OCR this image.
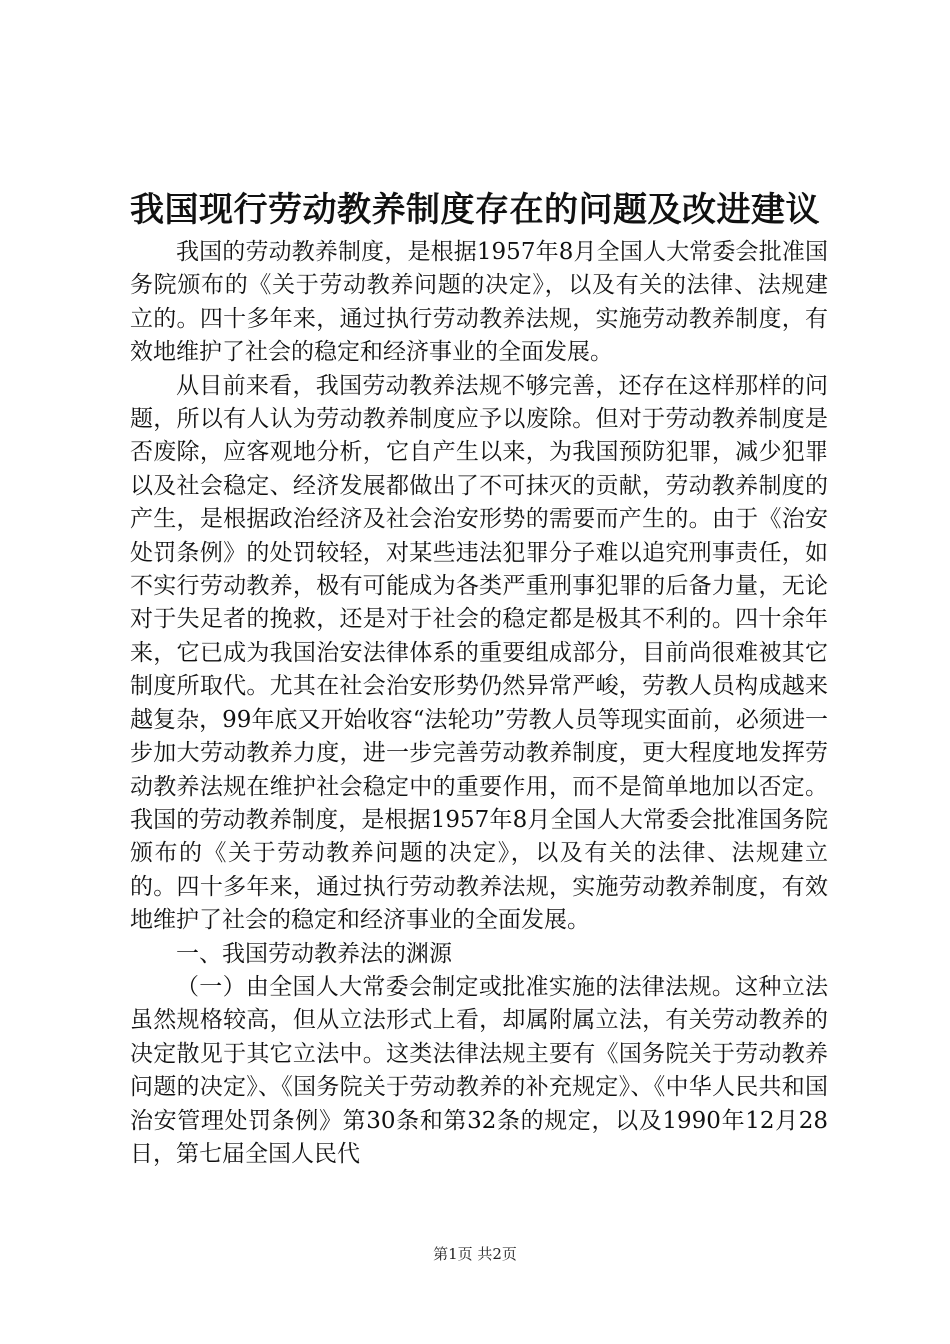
我国现行劳动教养制度存在的问题及改进建议

我国的劳动教养制度，是根据1957年8月全国人大常委会批准国务院颁布的《关于劳动教养问题的决定》，以及有关的法律、法规建立的。四十多年来，通过执行劳动教养法规，实施劳动教养制度，有效地维护了社会的稳定和经济事业的全面发展。

从目前来看，我国劳动教养法规不够完善，还存在这样那样的问题，所以有人认为劳动教养制度应予以废除。但对于劳动教养制度是否废除，应客观地分析，它自产生以来，为我国预防犯罪，减少犯罪以及社会稳定、经济发展都做出了不可抹灭的贡献，劳动教养制度的产生，是根据政治经济及社会治安形势的需要而产生的。由于《治安处罚条例》的处罚较轻，对某些违法犯罪分子难以追究刑事责任，如不实行劳动教养，极有可能成为各类严重刑事犯罪的后备力量，无论对于失足者的挽救，还是对于社会的稳定都是极其不利的。四十余年来，它已成为我国治安法律体系的重要组成部分，目前尚很难被其它制度所取代。尤其在社会治安形势仍然异常严峻，劳教人员构成越来越复杂，99年底又开始收容“法轮功”劳教人员等现实面前，必须进一步加大劳动教养力度，进一步完善劳动教养制度，更大程度地发挥劳动教养法规在维护社会稳定中的重要作用，而不是简单地加以否定。我国的劳动教养制度，是根据1957年8月全国人大常委会批准国务院颁布的《关于劳动教养问题的决定》，以及有关的法律、法规建立的。四十多年来，通过执行劳动教养法规，实施劳动教养制度，有效地维护了社会的稳定和经济事业的全面发展。

一、我国劳动教养法的渊源

（一）由全国人大常委会制定或批准实施的法律法规。这种立法虽然规格较高，但从立法形式上看，却属附属立法，有关劳动教养的决定散见于其它立法中。这类法律法规主要有《国务院关于劳动教养问题的决定》、《国务院关于劳动教养的补充规定》、《中华人民共和国治安管理处罚条例》第30条和第32条的规定，以及1990年12月28日，第七届全国人民代

第1页 共2页
